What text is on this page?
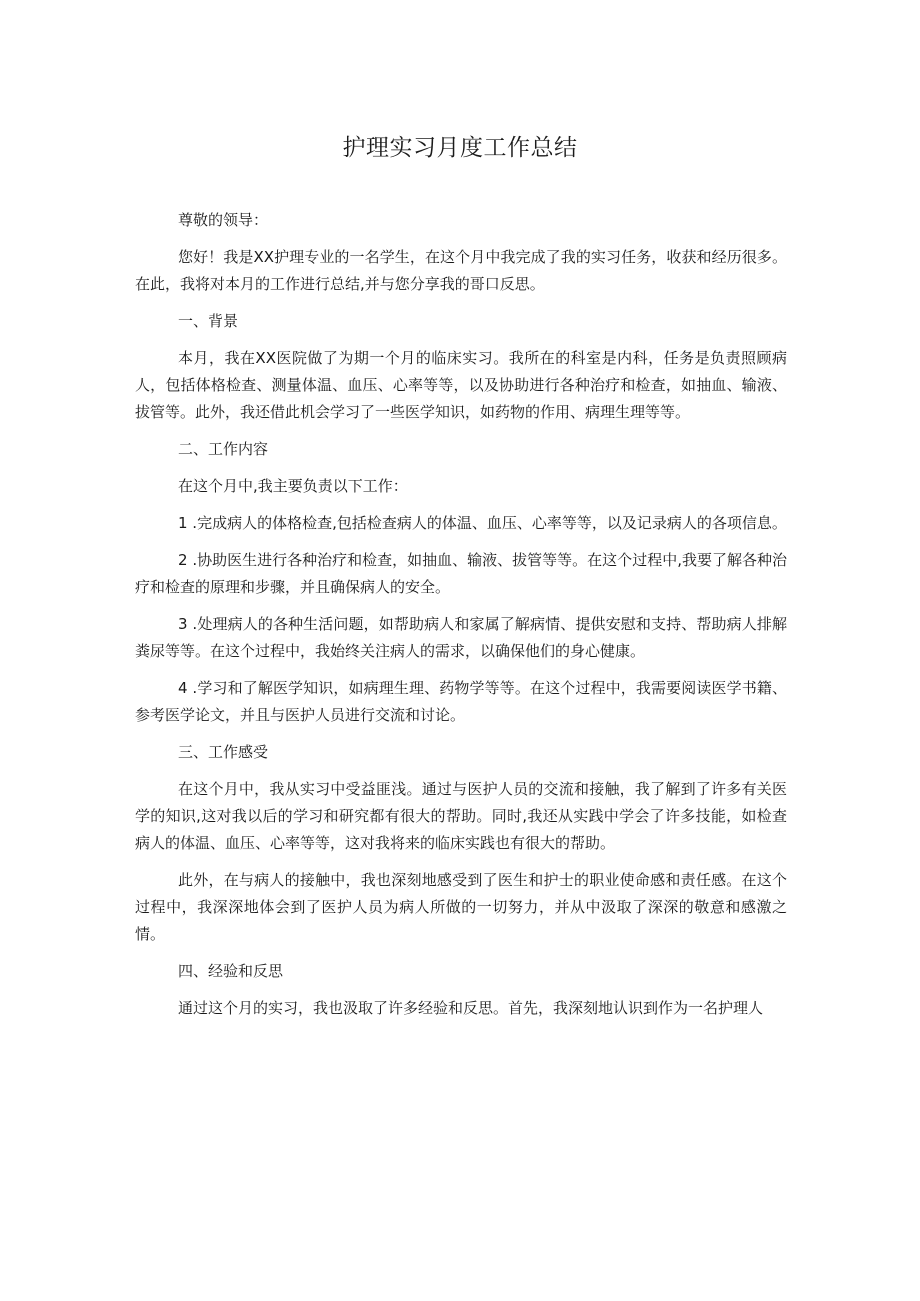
护理实习月度工作总结

尊敬的领导：

您好！我是XX护理专业的一名学生，在这个月中我完成了我的实习任务，收获和经历很多。在此，我将对本月的工作进行总结,并与您分享我的哥口反思。

一、背景

本月，我在XX医院做了为期一个月的临床实习。我所在的科室是内科，任务是负责照顾病人，包括体格检查、测量体温、血压、心率等等，以及协助进行各种治疗和检查，如抽血、输液、拔管等。此外，我还借此机会学习了一些医学知识，如药物的作用、病理生理等等。

二、工作内容

在这个月中,我主要负责以下工作：

1 .完成病人的体格检查,包括检查病人的体温、血压、心率等等，以及记录病人的各项信息。

2 .协助医生进行各种治疗和检查，如抽血、输液、拔管等等。在这个过程中,我要了解各种治疗和检查的原理和步骤，并且确保病人的安全。

3 .处理病人的各种生活问题，如帮助病人和家属了解病情、提供安慰和支持、帮助病人排解粪尿等等。在这个过程中，我始终关注病人的需求，以确保他们的身心健康。

4 .学习和了解医学知识，如病理生理、药物学等等。在这个过程中，我需要阅读医学书籍、参考医学论文，并且与医护人员进行交流和讨论。

三、工作感受

在这个月中，我从实习中受益匪浅。通过与医护人员的交流和接触，我了解到了许多有关医学的知识,这对我以后的学习和研究都有很大的帮助。同时,我还从实践中学会了许多技能，如检查病人的体温、血压、心率等等，这对我将来的临床实践也有很大的帮助。

此外，在与病人的接触中，我也深刻地感受到了医生和护士的职业使命感和责任感。在这个过程中，我深深地体会到了医护人员为病人所做的一切努力，并从中汲取了深深的敬意和感激之情。

四、经验和反思

通过这个月的实习，我也汲取了许多经验和反思。首先，我深刻地认识到作为一名护理人
